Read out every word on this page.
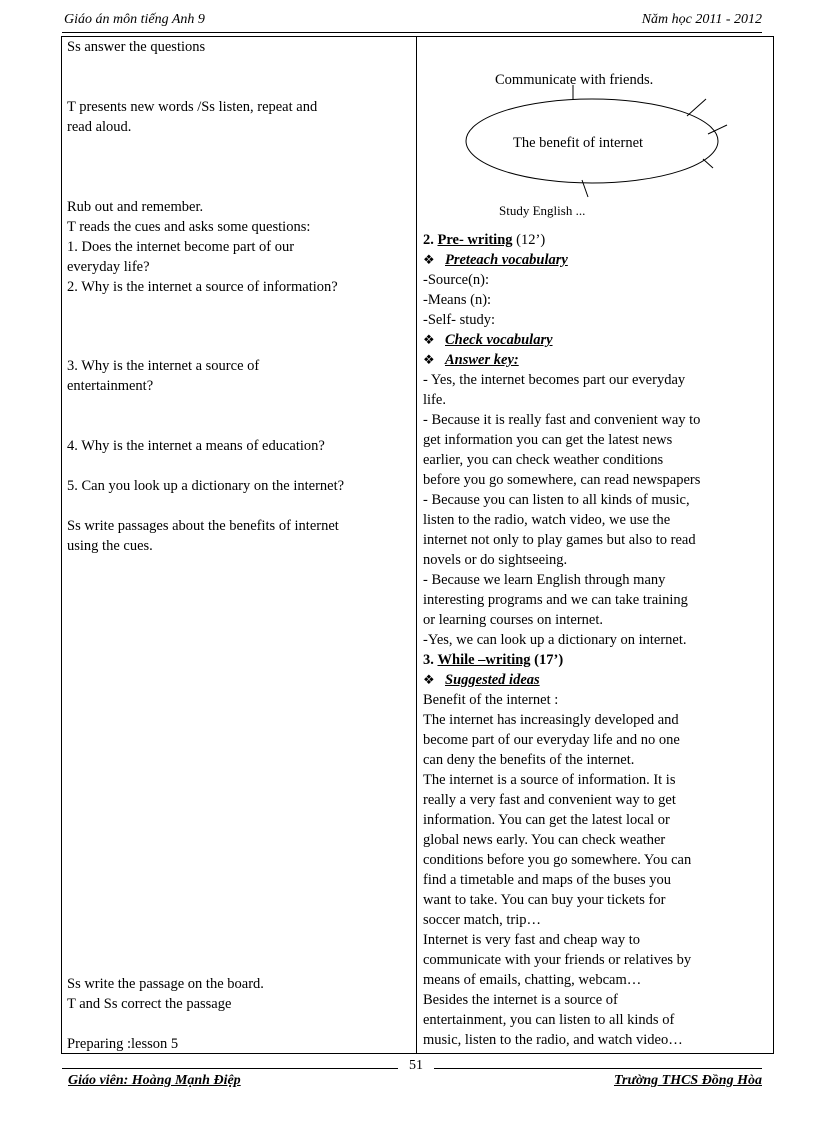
Giáo án môn tiếng Anh 9	Năm học 2011 - 2012
Ss answer the questions
T presents new words /Ss listen, repeat and
read aloud.
Rub out and remember.
T reads the cues and asks some questions:
1. Does the internet become part of our
everyday life?
2. Why is the internet a source of information?
3. Why is the internet a source of
entertainment?
4. Why is the internet a means of education?
5. Can you look up a dictionary on the internet?
Ss write passages about the benefits of internet
using the cues.
Ss write the passage on the board.
T and Ss correct the passage
Preparing :lesson 5

Communicate with friends.
The benefit of internet
Study English ...
2. Pre- writing (12’)
❖ Preteach vocabulary
-Source(n):
-Means (n):
-Self- study:
❖ Check vocabulary
❖ Answer key:
- Yes, the internet becomes part our everyday
life.
- Because it is really fast and convenient way to
get information you can get the latest news
earlier, you can check weather conditions
before you go somewhere, can read newspapers
- Because you can listen to all kinds of music,
listen to the radio, watch video, we use the
internet not only to play games but also to read
novels or do sightseeing.
- Because we learn English through many
interesting programs and we can take training
or learning courses on internet.
-Yes, we can look up a dictionary on internet.
3. While –writing (17’)
❖ Suggested ideas
Benefit of the internet :
The internet has increasingly developed and
become part of our everyday life and no one
can deny the benefits of the internet.
The internet is a source of information. It is
really a very fast and convenient way to get
information. You can get the latest local or
global news early. You can check weather
conditions before you go somewhere. You can
find a timetable and maps of the buses you
want to take. You can buy your tickets for
soccer match, trip…
Internet is very fast and cheap way to
communicate with your friends or relatives by
means of emails, chatting, webcam…
Besides the internet is a source of
entertainment, you can listen to all kinds of
music, listen to the radio, and watch video…
51
Giáo viên: Hoàng Mạnh Điệp	Trường THCS Đồng Hòa
